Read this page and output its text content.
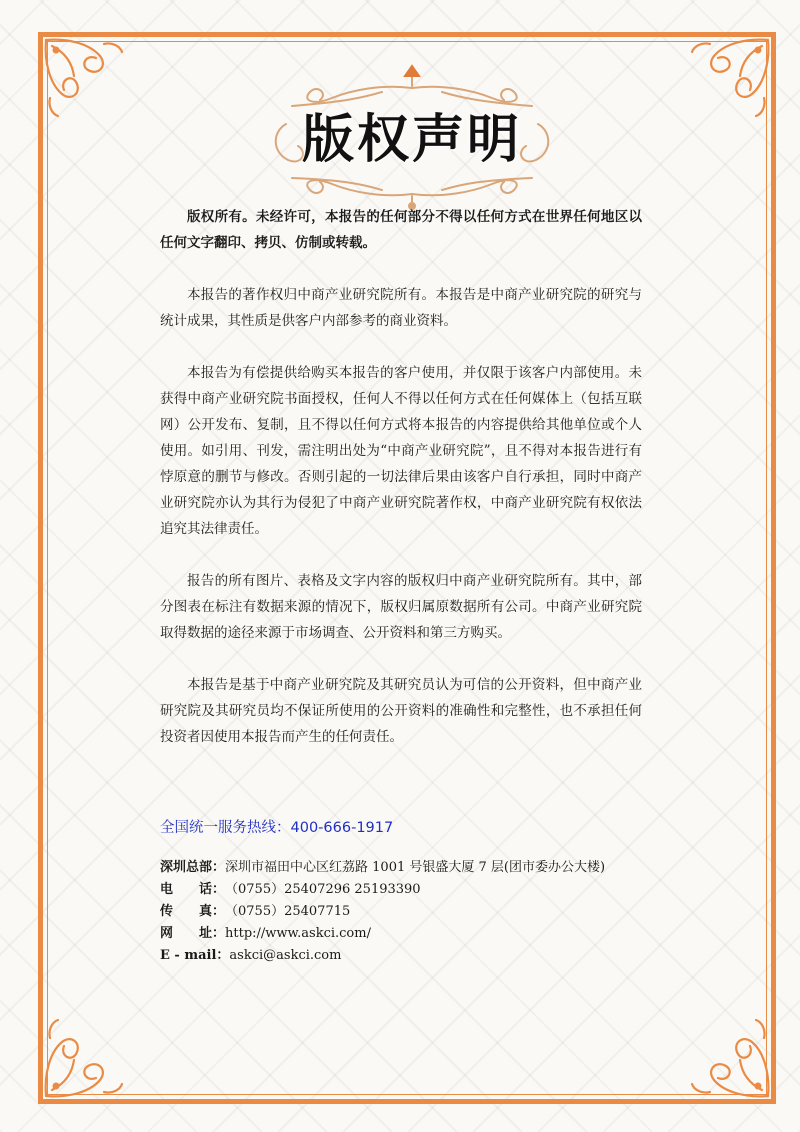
版权声明

版权所有。未经许可，本报告的任何部分不得以任何方式在世界任何地区以任何文字翻印、拷贝、仿制或转载。

本报告的著作权归中商产业研究院所有。本报告是中商产业研究院的研究与统计成果，其性质是供客户内部参考的商业资料。

本报告为有偿提供给购买本报告的客户使用，并仅限于该客户内部使用。未获得中商产业研究院书面授权，任何人不得以任何方式在任何媒体上（包括互联网）公开发布、复制，且不得以任何方式将本报告的内容提供给其他单位或个人使用。如引用、刊发，需注明出处为“中商产业研究院”，且不得对本报告进行有悖原意的删节与修改。否则引起的一切法律后果由该客户自行承担，同时中商产业研究院亦认为其行为侵犯了中商产业研究院著作权，中商产业研究院有权依法追究其法律责任。

报告的所有图片、表格及文字内容的版权归中商产业研究院所有。其中，部分图表在标注有数据来源的情况下，版权归属原数据所有公司。中商产业研究院取得数据的途径来源于市场调查、公开资料和第三方购买。

本报告是基于中商产业研究院及其研究员认为可信的公开资料，但中商产业研究院及其研究员均不保证所使用的公开资料的准确性和完整性，也不承担任何投资者因使用本报告而产生的任何责任。

全国统一服务热线：400-666-1917
深圳总部：深圳市福田中心区红荔路 1001 号银盛大厦 7 层(团市委办公大楼)
电　　话：（0755）25407296 25193390
传　　真：（0755）25407715
网　　址：http://www.askci.com/
E - mail：askci@askci.com
